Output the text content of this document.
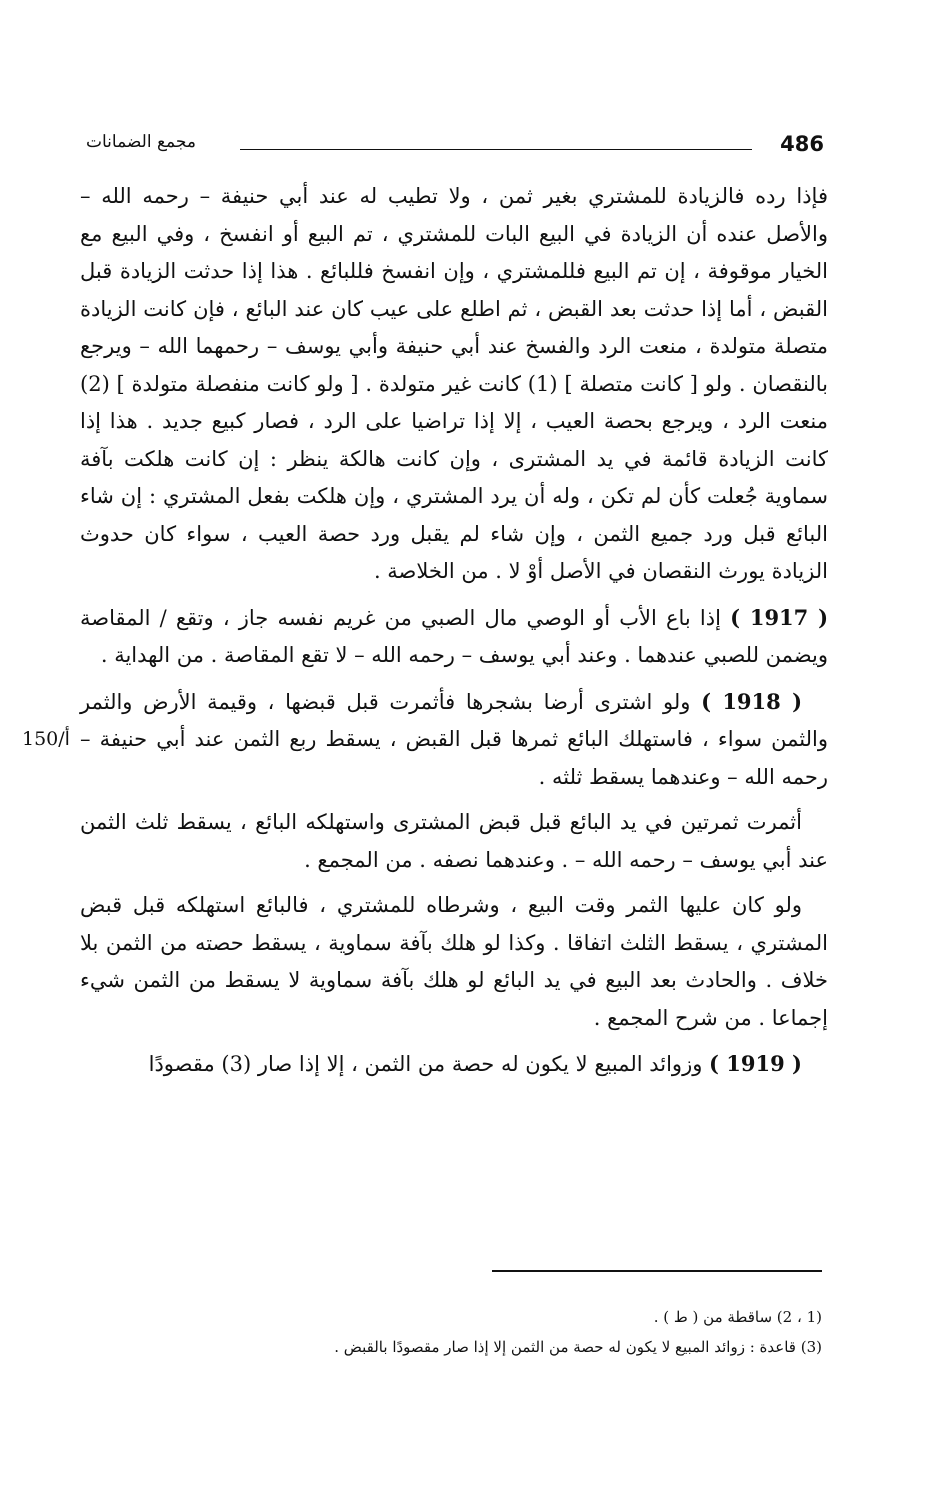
486
مجمع الضمانات
150/أ

فإذا رده فالزيادة للمشتري بغير ثمن ، ولا تطيب له عند أبي حنيفة – رحمه الله – والأصل عنده أن الزيادة في البيع البات للمشتري ، تم البيع أو انفسخ ، وفي البيع مع الخيار موقوفة ، إن تم البيع فللمشتري ، وإن انفسخ فللبائع . هذا إذا حدثت الزيادة قبل القبض ، أما إذا حدثت بعد القبض ، ثم اطلع على عيب كان عند البائع ، فإن كانت الزيادة متصلة متولدة ، منعت الرد والفسخ عند أبي حنيفة وأبي يوسف – رحمهما الله – ويرجع بالنقصان . ولو [ كانت متصلة ] (1) كانت غير متولدة . [ ولو كانت منفصلة متولدة ] (2) منعت الرد ، ويرجع بحصة العيب ، إلا إذا تراضيا على الرد ، فصار كبيع جديد . هذا إذا كانت الزيادة قائمة في يد المشترى ، وإن كانت هالكة ينظر : إن كانت هلكت بآفة سماوية جُعلت كأن لم تكن ، وله أن يرد المشتري ، وإن هلكت بفعل المشتري : إن شاء البائع قبل ورد جميع الثمن ، وإن شاء لم يقبل ورد حصة العيب ، سواء كان حدوث الزيادة يورث النقصان في الأصل أوْ لا . من الخلاصة .

( 1917 ) إذا باع الأب أو الوصي مال الصبي من غريم نفسه جاز ، وتقع / المقاصة ويضمن للصبي عندهما . وعند أبي يوسف – رحمه الله – لا تقع المقاصة . من الهداية .

( 1918 ) ولو اشترى أرضا بشجرها فأثمرت قبل قبضها ، وقيمة الأرض والثمر والثمن سواء ، فاستهلك البائع ثمرها قبل القبض ، يسقط ربع الثمن عند أبي حنيفة – رحمه الله – وعندهما يسقط ثلثه .

أثمرت ثمرتين في يد البائع قبل قبض المشترى واستهلكه البائع ، يسقط ثلث الثمن عند أبي يوسف – رحمه الله – . وعندهما نصفه . من المجمع .

ولو كان عليها الثمر وقت البيع ، وشرطاه للمشتري ، فالبائع استهلكه قبل قبض المشتري ، يسقط الثلث اتفاقا . وكذا لو هلك بآفة سماوية ، يسقط حصته من الثمن بلا خلاف . والحادث بعد البيع في يد البائع لو هلك بآفة سماوية لا يسقط من الثمن شيء إجماعا . من شرح المجمع .

( 1919 ) وزوائد المبيع لا يكون له حصة من الثمن ، إلا إذا صار (3) مقصودًا

(1 ، 2) ساقطة من ( ط ) .

(3) قاعدة : زوائد المبيع لا يكون له حصة من الثمن إلا إذا صار مقصودًا بالقبض .
